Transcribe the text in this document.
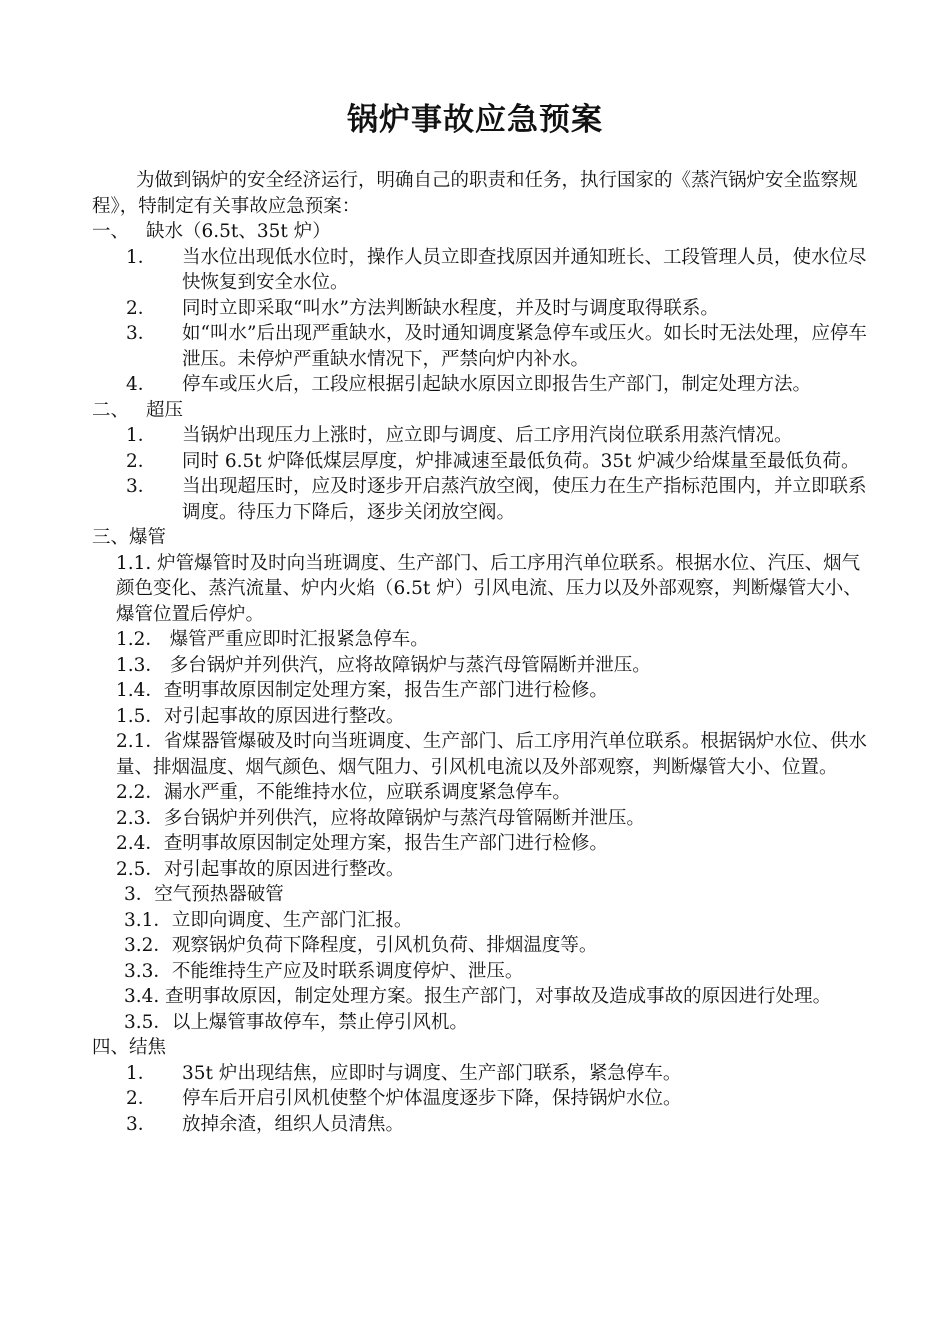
锅炉事故应急预案

为做到锅炉的安全经济运行，明确自己的职责和任务，执行国家的《蒸汽锅炉安全监察规程》，特制定有关事故应急预案：

一、 缺水（6.5t、35t 炉）

1． 当水位出现低水位时，操作人员立即查找原因并通知班长、工段管理人员，使水位尽快恢复到安全水位。

2． 同时立即采取“叫水”方法判断缺水程度，并及时与调度取得联系。

3． 如“叫水”后出现严重缺水，及时通知调度紧急停车或压火。如长时无法处理，应停车泄压。未停炉严重缺水情况下，严禁向炉内补水。

4． 停车或压火后，工段应根据引起缺水原因立即报告生产部门，制定处理方法。

二、 超压

1． 当锅炉出现压力上涨时，应立即与调度、后工序用汽岗位联系用蒸汽情况。

2． 同时 6.5t 炉降低煤层厚度，炉排减速至最低负荷。35t 炉减少给煤量至最低负荷。

3． 当出现超压时，应及时逐步开启蒸汽放空阀，使压力在生产指标范围内，并立即联系调度。待压力下降后，逐步关闭放空阀。

三、爆管

1.1. 炉管爆管时及时向当班调度、生产部门、后工序用汽单位联系。根据水位、汽压、烟气颜色变化、蒸汽流量、炉内火焰（6.5t 炉）引风电流、压力以及外部观察，判断爆管大小、爆管位置后停炉。

1.2． 爆管严重应即时汇报紧急停车。

1.3． 多台锅炉并列供汽，应将故障锅炉与蒸汽母管隔断并泄压。

1.4．查明事故原因制定处理方案，报告生产部门进行检修。

1.5．对引起事故的原因进行整改。

2.1．省煤器管爆破及时向当班调度、生产部门、后工序用汽单位联系。根据锅炉水位、供水量、排烟温度、烟气颜色、烟气阻力、引风机电流以及外部观察，判断爆管大小、位置。

2.2．漏水严重，不能维持水位，应联系调度紧急停车。

2.3．多台锅炉并列供汽，应将故障锅炉与蒸汽母管隔断并泄压。

2.4．查明事故原因制定处理方案，报告生产部门进行检修。

2.5．对引起事故的原因进行整改。

3．空气预热器破管

3.1．立即向调度、生产部门汇报。

3.2．观察锅炉负荷下降程度，引风机负荷、排烟温度等。

3.3．不能维持生产应及时联系调度停炉、泄压。

3.4. 查明事故原因，制定处理方案。报生产部门，对事故及造成事故的原因进行处理。

3.5．以上爆管事故停车，禁止停引风机。

四、结焦

1． 35t 炉出现结焦，应即时与调度、生产部门联系，紧急停车。

2． 停车后开启引风机使整个炉体温度逐步下降，保持锅炉水位。

3． 放掉余渣，组织人员清焦。
